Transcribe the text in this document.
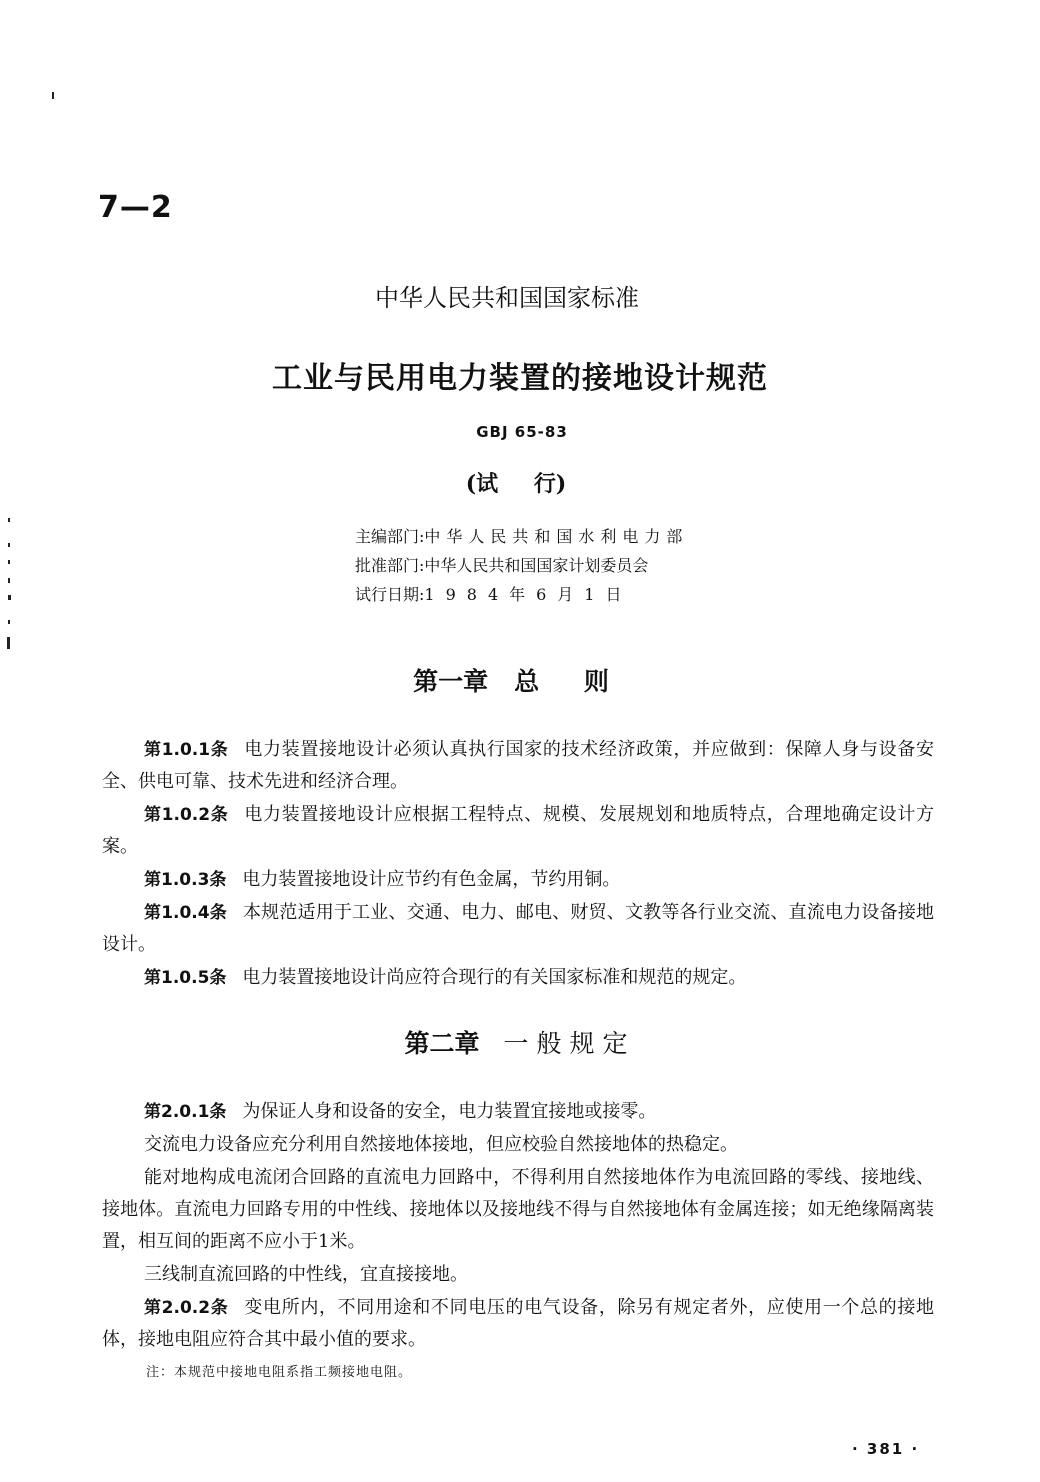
7—2
中华人民共和国国家标准
工业与民用电力装置的接地设计规范
GBJ 65-83
(试 行)
主编部门:中华人民共和国水利电力部
批准部门:中华人民共和国国家计划委员会
试行日期:1984年6月1日
第一章 总 则

第1.0.1条 电力装置接地设计必须认真执行国家的技术经济政策，并应做到：保障人身与设备安全、供电可靠、技术先进和经济合理。

第1.0.2条 电力装置接地设计应根据工程特点、规模、发展规划和地质特点，合理地确定设计方案。

第1.0.3条 电力装置接地设计应节约有色金属，节约用铜。

第1.0.4条 本规范适用于工业、交通、电力、邮电、财贸、文教等各行业交流、直流电力设备接地设计。

第1.0.5条 电力装置接地设计尚应符合现行的有关国家标准和规范的规定。

第二章 一般规定

第2.0.1条 为保证人身和设备的安全，电力装置宜接地或接零。

交流电力设备应充分利用自然接地体接地，但应校验自然接地体的热稳定。

能对地构成电流闭合回路的直流电力回路中，不得利用自然接地体作为电流回路的零线、接地线、接地体。直流电力回路专用的中性线、接地体以及接地线不得与自然接地体有金属连接；如无绝缘隔离装置，相互间的距离不应小于1米。

三线制直流回路的中性线，宜直接接地。

第2.0.2条 变电所内，不同用途和不同电压的电气设备，除另有规定者外，应使用一个总的接地体，接地电阻应符合其中最小值的要求。

注：本规范中接地电阻系指工频接地电阻。
· 381 ·
